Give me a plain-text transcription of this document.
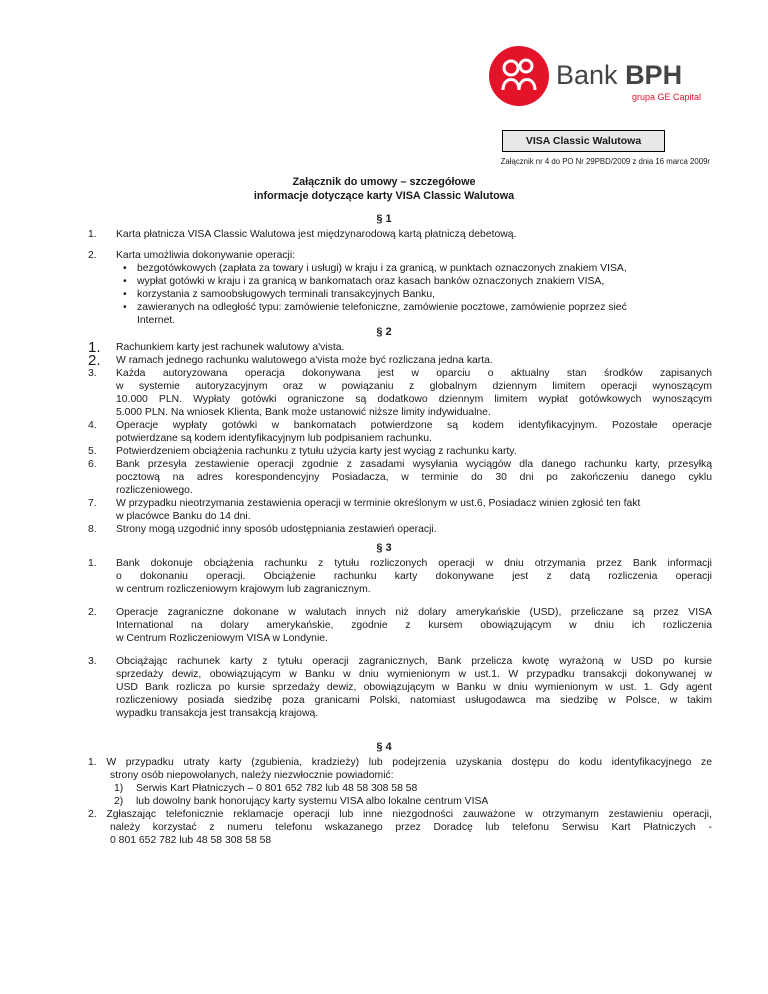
Bank BPH
grupa GE Capital
VISA Classic Walutowa
Załącznik nr 4 do PO Nr 29PBD/2009 z dnia 16 marca 2009r
Załącznik do umowy – szczegółowe
informacje dotyczące karty VISA Classic Walutowa
§ 1
1.	Karta płatnicza VISA Classic Walutowa jest międzynarodową kartą płatniczą debetową.
2.	Karta umożliwia dokonywanie operacji:
• bezgotówkowych (zapłata za towary i usługi) w kraju i za granicą, w punktach oznaczonych znakiem VISA,
• wypłat gotówki w kraju i za granicą w bankomatach oraz kasach banków oznaczonych znakiem VISA,
• korzystania z samoobsługowych terminali transakcyjnych Banku,
• zawieranych na odległość typu: zamówienie telefoniczne, zamówienie pocztowe, zamówienie poprzez sieć
Internet.
§ 2
1. Rachunkiem karty jest rachunek walutowy a'vista.
2. W ramach jednego rachunku walutowego a'vista może być rozliczana jedna karta.
3. Każda autoryzowana operacja dokonywana jest w oparciu o aktualny stan środków zapisanych
w systemie autoryzacyjnym oraz w powiązaniu z globalnym dziennym limitem operacji wynoszącym
10.000 PLN. Wypłaty gotówki ograniczone są dodatkowo dziennym limitem wypłat gotówkowych wynoszącym
5.000 PLN. Na wniosek Klienta, Bank może ustanowić niższe limity indywidualne.
4. Operacje wypłaty gotówki w bankomatach potwierdzone są kodem identyfikacyjnym. Pozostałe operacje
potwierdzane są kodem identyfikacyjnym lub podpisaniem rachunku.
5. Potwierdzeniem obciążenia rachunku z tytułu użycia karty jest wyciąg z rachunku karty.
6. Bank przesyła zestawienie operacji zgodnie z zasadami wysyłania wyciągów dla danego rachunku karty, przesyłką
pocztową na adres korespondencyjny Posiadacza, w terminie do 30 dni po zakończeniu danego cyklu
rozliczeniowego.
7. W przypadku nieotrzymania zestawienia operacji w terminie określonym w ust.6, Posiadacz winien zgłosić ten fakt
w placówce Banku do 14 dni.
8. Strony mogą uzgodnić inny sposób udostępniania zestawień operacji.
§ 3
1. Bank dokonuje obciążenia rachunku z tytułu rozliczonych operacji w dniu otrzymania przez Bank informacji
o dokonaniu operacji. Obciążenie rachunku karty dokonywane jest z datą rozliczenia operacji
w centrum rozliczeniowym krajowym lub zagranicznym.
2. Operacje zagraniczne dokonane w walutach innych niż dolary amerykańskie (USD), przeliczane są przez VISA
International na dolary amerykańskie, zgodnie z kursem obowiązującym w dniu ich rozliczenia
w Centrum Rozliczeniowym VISA w Londynie.
3. Obciążając rachunek karty z tytułu operacji zagranicznych, Bank przelicza kwotę wyrażoną w USD po kursie
sprzedaży dewiz, obowiązującym w Banku w dniu wymienionym w ust.1. W przypadku transakcji dokonywanej w
USD Bank rozlicza po kursie sprzedaży dewiz, obowiązującym w Banku w dniu wymienionym w ust. 1. Gdy agent
rozliczeniowy posiada siedzibę poza granicami Polski, natomiast usługodawca ma siedzibę w Polsce, w takim
wypadku transakcja jest transakcją krajową.
§ 4
1. W przypadku utraty karty (zgubienia, kradzieży) lub podejrzenia uzyskania dostępu do kodu identyfikacyjnego ze
strony osób niepowołanych, należy niezwłocznie powiadomić:
1) Serwis Kart Płatniczych – 0 801 652 782 lub 48 58 308 58 58
2) lub dowolny bank honorujący karty systemu VISA albo lokalne centrum VISA
2. Zgłaszając telefonicznie reklamacje operacji lub inne niezgodności zauważone w otrzymanym zestawieniu operacji,
należy korzystać z numeru telefonu wskazanego przez Doradcę lub telefonu Serwisu Kart Płatniczych -
0 801 652 782 lub 48 58 308 58 58
